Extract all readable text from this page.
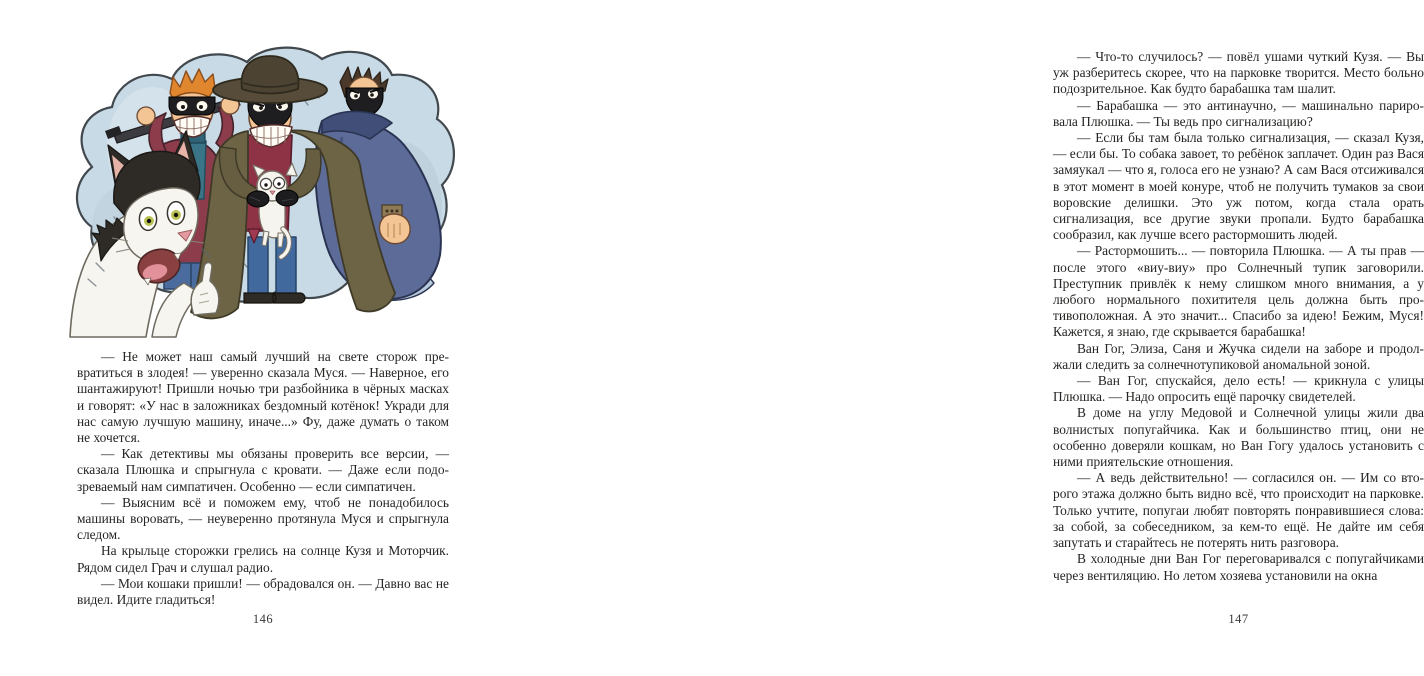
— Не может наш самый лучший на свете сторож превратиться в злодея! — уверенно сказала Муся. — Наверное, его шантажируют! Пришли ночью три разбойника в чёрных масках и говорят: «У нас в заложниках бездомный котёнок! Укради для нас самую лучшую машину, иначе...» Фу, даже думать о таком не хочется.

— Как детективы мы обязаны проверить все версии, — сказала Плюшка и спрыгнула с кровати. — Даже если подозреваемый нам симпатичен. Особенно — если симпатичен.

— Выясним всё и поможем ему, чтоб не понадобилось машины воровать, — неуверенно протянула Муся и спрыгнула следом.

На крыльце сторожки грелись на солнце Кузя и Моторчик. Рядом сидел Грач и слушал радио.

— Мои кошаки пришли! — обрадовался он. — Давно вас не видел. Идите гладиться!

146

— Что-то случилось? — повёл ушами чуткий Кузя. — Вы уж разберитесь скорее, что на парковке творится. Место больно подозрительное. Как будто барабашка там шалит.

— Барабашка — это антинаучно, — машинально парировала Плюшка. — Ты ведь про сигнализацию?

— Если бы там была только сигнализация, — сказал Кузя, — если бы. То собака завоет, то ребёнок заплачет. Один раз Вася замяукал — что я, голоса его не узнаю? А сам Вася отсиживался в этот момент в моей конуре, чтоб не получить тумаков за свои воровские делишки. Это уж потом, когда стала орать сигнализация, все другие звуки пропали. Будто барабашка сообразил, как лучше всего растормошить людей.

— Растормошить... — повторила Плюшка. — А ты прав — после этого «виу-виу» про Солнечный тупик заговорили. Преступник привлёк к нему слишком много внимания, а у любого нормального похитителя цель должна быть противоположная. А это значит... Спасибо за идею! Бежим, Муся! Кажется, я знаю, где скрывается барабашка!

Ван Гог, Элиза, Саня и Жучка сидели на заборе и продолжали следить за солнечнотупиковой аномальной зоной.

— Ван Гог, спускайся, дело есть! — крикнула с улицы Плюшка. — Надо опросить ещё парочку свидетелей.

В доме на углу Медовой и Солнечной улицы жили два волнистых попугайчика. Как и большинство птиц, они не особенно доверяли кошкам, но Ван Гогу удалось установить с ними приятельские отношения.

— А ведь действительно! — согласился он. — Им со второго этажа должно быть видно всё, что происходит на парковке. Только учтите, попугаи любят повторять понравившиеся слова: за собой, за собеседником, за кем-то ещё. Не дайте им себя запутать и старайтесь не потерять нить разговора.

В холодные дни Ван Гог переговаривался с попугайчиками через вентиляцию. Но летом хозяева установили на окна

147
